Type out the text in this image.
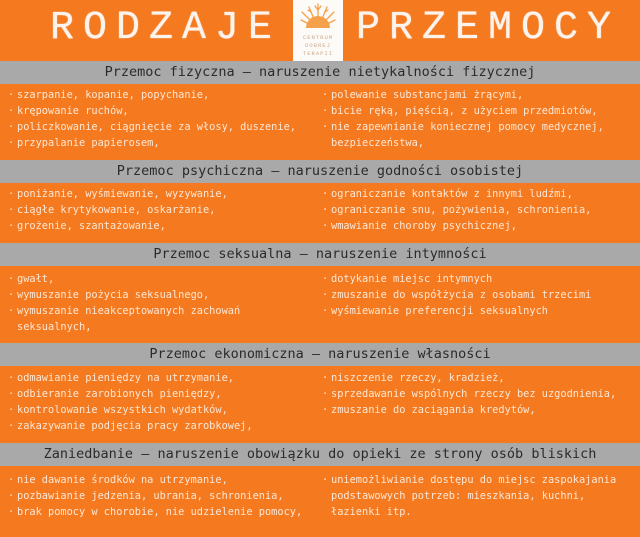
RODZAJE	CENTRUM
DOBREJ
TERAPII
PRZEMOCY
Przemoc fizyczna – naruszenie nietykalności fizycznej
· szarpanie, kopanie, popychanie,
· krępowanie ruchów,
· policzkowanie, ciągnięcie za włosy, duszenie,
· przypalanie papierosem,
· polewanie substancjami żrącymi,
· bicie ręką, pięścią, z użyciem przedmiotów,
· nie zapewnianie koniecznej pomocy medycznej,
bezpieczeństwa,
Przemoc psychiczna – naruszenie godności osobistej
· poniżanie, wyśmiewanie, wyzywanie,
· ciągłe krytykowanie, oskarżanie,
· grożenie, szantażowanie,
· ograniczanie kontaktów z innymi ludźmi,
· ograniczanie snu, pożywienia, schronienia,
· wmawianie choroby psychicznej,
Przemoc seksualna – naruszenie intymności
· gwałt,
· wymuszanie pożycia seksualnego,
· wymuszanie nieakceptowanych zachowań
seksualnych,
· dotykanie miejsc intymnych
· zmuszanie do współżycia z osobami trzecimi
· wyśmiewanie preferencji seksualnych
Przemoc ekonomiczna – naruszenie własności
· odmawianie pieniędzy na utrzymanie,
· odbieranie zarobionych pieniędzy,
· kontrolowanie wszystkich wydatków,
· zakazywanie podjęcia pracy zarobkowej,
· niszczenie rzeczy, kradzież,
· sprzedawanie wspólnych rzeczy bez uzgodnienia,
· zmuszanie do zaciągania kredytów,
Zaniedbanie – naruszenie obowiązku do opieki ze strony osób bliskich
· nie dawanie środków na utrzymanie,
· pozbawianie jedzenia, ubrania, schronienia,
· brak pomocy w chorobie, nie udzielenie pomocy,
· uniemożliwianie dostępu do miejsc zaspokajania
podstawowych potrzeb: mieszkania, kuchni,
łazienki itp.
